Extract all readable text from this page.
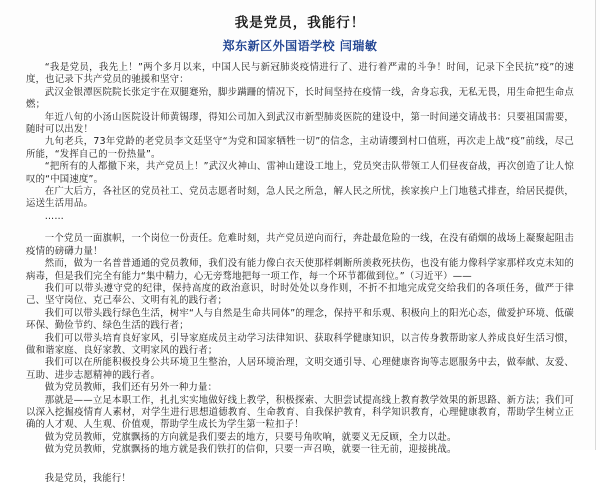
我是党员，我能行！
郑东新区外国语学校 闫瑞敏

“我是党员，我先上！”两个多月以来，中国人民与新冠肺炎疫情进行了、进行着严肃的斗争！时间，记录下全民抗“疫”的速度，也记录下共产党员的驰援和坚守：

武汉金银潭医院院长张定宇在双腿蹇殆，脚步蹒跚的情况下，长时间坚持在疫情一线，舍身忘我，无私无畏，用生命把生命点燃；

年近八旬的小汤山医院设计师黄锡璆，得知公司加入到武汉市新型肺炎医院的建设中，第一时间递交请战书：只要祖国需要，随时可以出发！

九旬老兵，73年党龄的老党员李文廷坚守“为党和国家牺牲一切”的信念，主动请缨到村口值班，再次走上战“疫”前线，尽己所能，“发挥自己的一份热量”。

“把所有的人都撤下来，共产党员上！”武汉火神山、雷神山建设工地上，党员突击队带领工人们昼夜奋战，再次创造了让人惊叹的“中国速度”。

在广大后方，各社区的党员社工、党员志愿者时刻，急人民之所急，解人民之所忧，挨家挨户上门地毯式排查，给居民提供，运送生活用品。

……

一个党员一面旗帜，一个岗位一份责任。危难时刻，共产党员逆向而行，奔赴最危险的一线，在没有硝烟的战场上凝聚起阻击疫情的磅礴力量！

然而，做为一名普普通通的党员教师，我们没有能力像白衣天使那样刺断所羡救死扶伤，也没有能力像科学家那样攻克未知的病毒，但是我们完全有能力“集中精力，心无旁骛地把每一项工作，每一个环节都做到位。”（习近平）——

我们可以带头遵守党的纪律，保持高度的政治意识，时时处处以身作则，不折不扣地完成党交给我们的各项任务，做严于律己、坚守岗位、克己奉公、文明有礼的践行者；

我们可以带头践行绿色生活，树牢“人与自然是生命共同体”的理念，保持平和乐观、积极向上的阳光心态，做爱护环境、低碳环保、勤俭节约、绿色生活的践行者；

我们可以带头培育良好家风，引导家庭成员主动学习法律知识、获取科学健康知识，以言传身教帮助家人养成良好生活习惯，做和谐家庭、良好家教、文明家风的践行者；

我们可以在所能积极投身公共环境卫生整治，人居环境治理，文明交通引导、心理健康咨询等志愿服务中去，做奉献、友爱、互助、进步志愿精神的践行者。

做为党员教师，我们还有另外一种力量：

那就是——立足本职工作，扎扎实实地做好线上教学，积极探索、大胆尝试提高线上教育教学效果的新思路、新方法；我们可以深入挖掘疫情育人素材，对学生进行思想道德教育、生命教育、自我保护教育，科学知识教育，心理健康教育，帮助学生树立正确的人才观、人生观、价值观，帮助学生成长为学生第一粒扣子！

做为党员教师，党旗飘扬的方向就是我们要去的地方，只要号角吹响，就要义无反顾，全力以赴。

做为党员教师，党旗飘扬的地方就是我们铁打的信仰，只要一声召唤，就要一往无前，迎接挑战。

我是党员，我能行！
